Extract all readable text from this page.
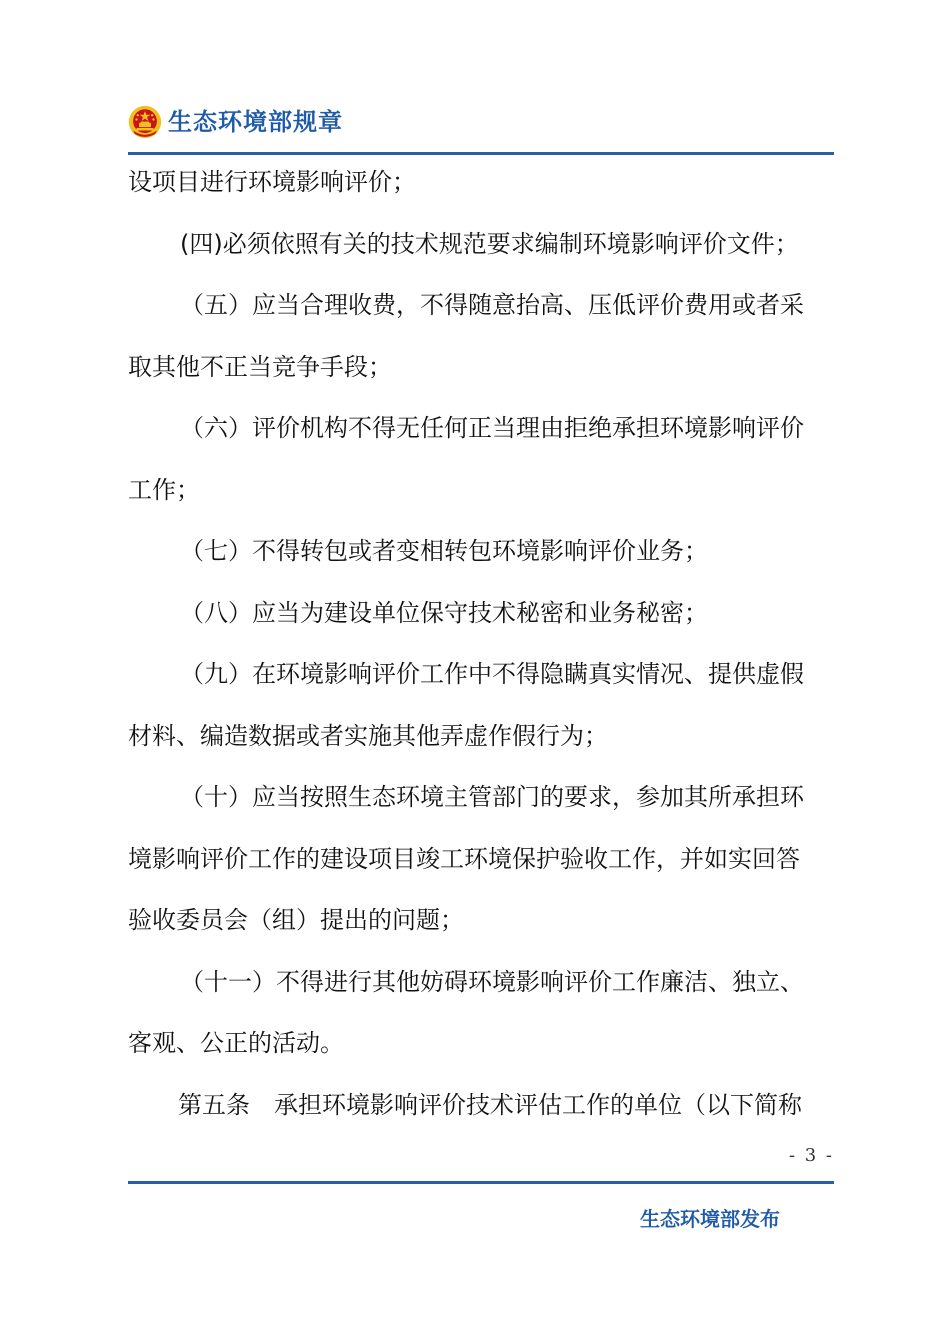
生态环境部规章
设项目进行环境影响评价；
(四)必须依照有关的技术规范要求编制环境影响评价文件；
（五）应当合理收费，不得随意抬高、压低评价费用或者采
取其他不正当竞争手段；
（六）评价机构不得无任何正当理由拒绝承担环境影响评价
工作；
（七）不得转包或者变相转包环境影响评价业务；
（八）应当为建设单位保守技术秘密和业务秘密；
（九）在环境影响评价工作中不得隐瞒真实情况、提供虚假
材料、编造数据或者实施其他弄虚作假行为；
（十）应当按照生态环境主管部门的要求，参加其所承担环
境影响评价工作的建设项目竣工环境保护验收工作，并如实回答
验收委员会（组）提出的问题；
（十一）不得进行其他妨碍环境影响评价工作廉洁、独立、
客观、公正的活动。
第五条　承担环境影响评价技术评估工作的单位（以下简称
- 3 -
生态环境部发布
